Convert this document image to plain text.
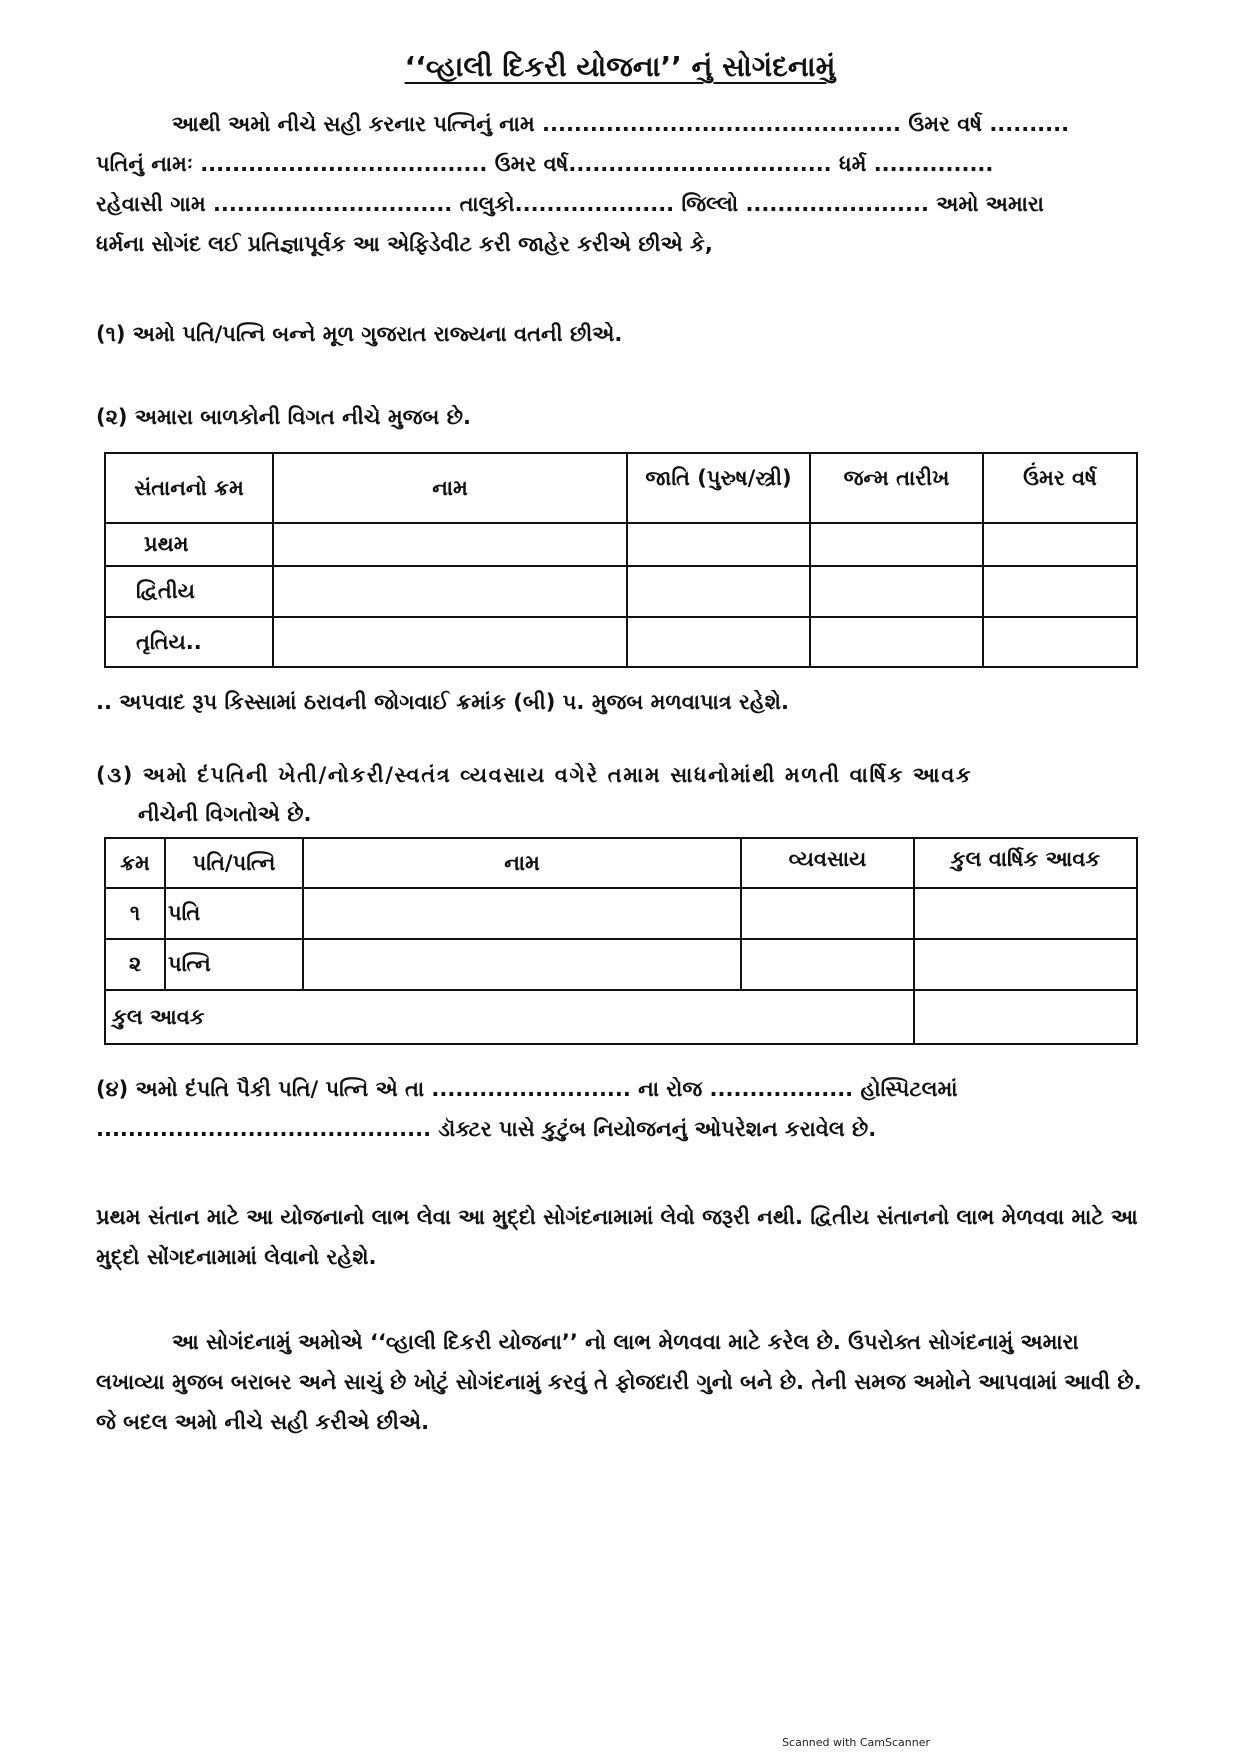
‘‘વ્હાલી દિકરી યોજના’’ નું સોગંદનામું
આથી અમો નીચે સહી કરનાર પત્નિનું નામ ............................................. ઉંમર વર્ષ ..........
પતિનું નામઃ .................................... ઉંમર વર્ષ................................. ધર્મ ...............
રહેવાસી ગામ .............................. તાલુકો.................... જિલ્લો ....................... અમો અમારા
ધર્મના સોગંદ લઈ પ્રતિજ્ઞાપૂર્વક આ એફિડેવીટ કરી જાહેર કરીએ છીએ કે,
(૧) અમો પતિ/પત્નિ બન્ને મૂળ ગુજરાત રાજ્યના વતની છીએ.
(૨) અમારા બાળકોની વિગત નીચે મુજબ છે.
સંતાનનો ક્રમ	નામ	જાતિ (પુરુષ/સ્ત્રી)	જન્મ તારીખ	ઉંમર વર્ષ
પ્રથમ				
દ્વિતીય				
તૃતિય..				
.. અપવાદ રૂપ કિસ્સામાં ઠરાવની જોગવાઈ ક્રમાંક (બી) ૫. મુજબ મળવાપાત્ર રહેશે.
(૩) અમો દંપતિની ખેતી/નોકરી/સ્વતંત્ર વ્યવસાય વગેરે તમામ સાધનોમાંથી મળતી વાર્ષિક આવક
નીચેની વિગતોએ છે.
ક્રમ	પતિ/પત્નિ	નામ	વ્યવસાય	કુલ વાર્ષિક આવક
૧	પતિ			
૨	પત્નિ			
કુલ આવક				
(૪) અમો દંપતિ પૈકી પતિ/ પત્નિ એ તા ......................... ના રોજ .................. હોસ્પિટલમાં
.......................................... ડૉક્ટર પાસે કુટુંબ નિયોજનનું ઓપરેશન કરાવેલ છે.
પ્રથમ સંતાન માટે આ યોજનાનો લાભ લેવા આ મુદ્દો સોગંદનામામાં લેવો જરૂરી નથી. દ્વિતીય સંતાનનો લાભ મેળવવા માટે આ મુદ્દો સોંગદનામામાં લેવાનો રહેશે.
આ સોગંદનામું અમોએ ‘‘વ્હાલી દિકરી યોજના’’ નો લાભ મેળવવા માટે કરેલ છે. ઉપરોક્ત સોગંદનામું અમારા લખાવ્યા મુજબ બરાબર અને સાચું છે ખોટું સોગંદનામું કરવું તે ફોજદારી ગુનો બને છે. તેની સમજ અમોને આપવામાં આવી છે. જે બદલ અમો નીચે સહી કરીએ છીએ.
Scanned with CamScanner
